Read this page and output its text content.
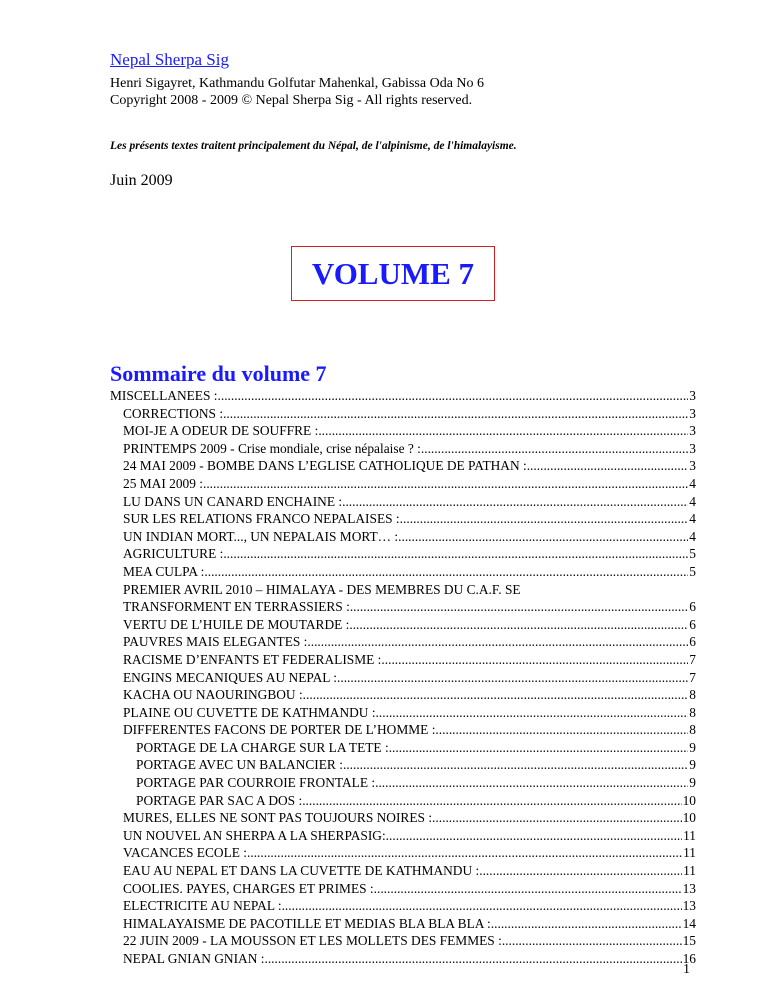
Nepal Sherpa Sig
Henri Sigayret, Kathmandu Golfutar Mahenkal, Gabissa Oda No 6
Copyright 2008 - 2009 © Nepal Sherpa Sig - All rights reserved.
Les présents textes traitent principalement du Népal, de l'alpinisme, de l'himalayisme.
Juin 2009
VOLUME 7
Sommaire du volume 7
MISCELLANEES : .....	3
CORRECTIONS : .....	3
MOI-JE A ODEUR DE SOUFFRE : .....	3
PRINTEMPS 2009 - Crise mondiale, crise népalaise ? : .....	3
24 MAI 2009 - BOMBE DANS L’EGLISE CATHOLIQUE DE PATHAN : .....	3
25 MAI 2009 : .....	4
LU DANS UN CANARD ENCHAINE : .....	4
SUR LES RELATIONS FRANCO NEPALAISES : .....	4
UN INDIAN MORT..., UN NEPALAIS MORT… : .....	4
AGRICULTURE : .....	5
MEA CULPA : .....	5
PREMIER AVRIL 2010 – HIMALAYA - DES MEMBRES DU C.A.F. SE
TRANSFORMENT EN TERRASSIERS : .....	6
VERTU DE L’HUILE DE MOUTARDE : .....	6
PAUVRES MAIS ELEGANTES : .....	6
RACISME D’ENFANTS ET FEDERALISME : .....	7
ENGINS MECANIQUES AU NEPAL : .....	7
KACHA OU NAOURINGBOU : .....	8
PLAINE OU CUVETTE DE KATHMANDU : .....	8
DIFFERENTES FACONS DE PORTER DE L’HOMME : .....	8
PORTAGE DE LA CHARGE SUR LA TETE : .....	9
PORTAGE AVEC UN BALANCIER : .....	9
PORTAGE PAR COURROIE FRONTALE : .....	9
PORTAGE PAR SAC A DOS : .....	10
MURES, ELLES NE SONT PAS TOUJOURS NOIRES : .....	10
UN NOUVEL AN SHERPA A LA SHERPASIG: .....	11
VACANCES ECOLE : .....	11
EAU AU NEPAL ET DANS LA CUVETTE DE KATHMANDU : .....	11
COOLIES. PAYES, CHARGES ET PRIMES : .....	13
ELECTRICITE AU NEPAL : .....	13
HIMALAYAISME DE PACOTILLE ET MEDIAS BLA BLA BLA : .....	14
22 JUIN 2009 - LA MOUSSON ET LES MOLLETS DES FEMMES : .....	15
NEPAL GNIAN GNIAN : .....	16
1
